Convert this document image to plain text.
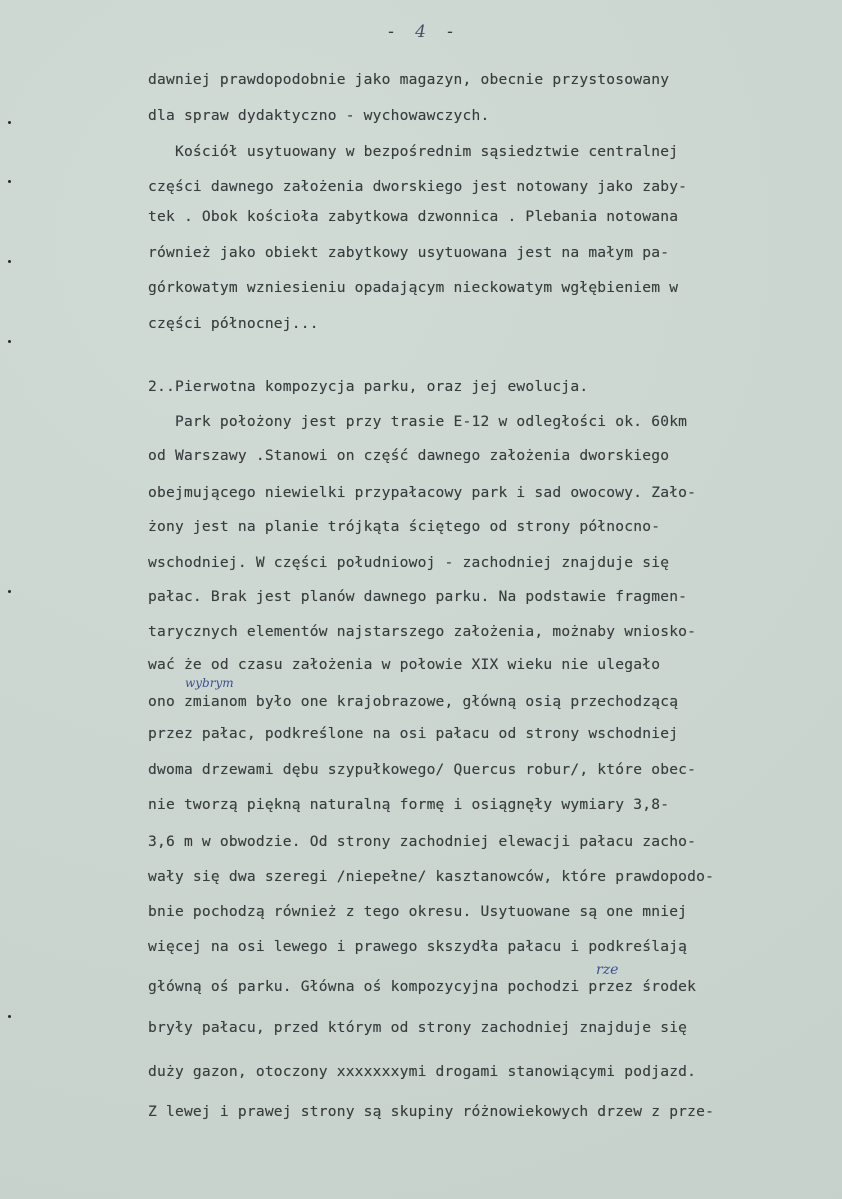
- 4 -
dawniej prawdopodobnie jako magazyn, obecnie przystosowany
dla spraw dydaktyczno - wychowawczych.
Kościół usytuowany w bezpośrednim sąsiedztwie centralnej
części dawnego założenia dworskiego jest notowany jako zaby-
tek . Obok kościoła zabytkowa dzwonnica . Plebania notowana
również jako obiekt zabytkowy usytuowana jest na małym pa-
górkowatym wzniesieniu opadającym nieckowatym wgłębieniem w
części północnej...
2..Pierwotna kompozycja parku, oraz jej ewolucja.
Park położony jest przy trasie E-12 w odległości ok. 60km
od Warszawy .Stanowi on część dawnego założenia dworskiego
obejmującego niewielki przypałacowy park i sad owocowy. Zało-
żony jest na planie trójkąta ściętego od strony północno-
wschodniej. W części południowoj - zachodniej znajduje się
pałac. Brak jest planów dawnego parku. Na podstawie fragmen-
tarycznych elementów najstarszego założenia, możnaby wniosko-
wać że od czasu założenia w połowie XIX wieku nie ulegało
ono zmianom było one krajobrazowe, główną osią przechodzącą
przez pałac, podkreślone na osi pałacu od strony wschodniej
dwoma drzewami dębu szypułkowego/ Quercus robur/, które obec-
nie tworzą piękną naturalną formę i osiągnęły wymiary 3,8-
3,6 m w obwodzie. Od strony zachodniej elewacji pałacu zacho-
wały się dwa szeregi /niepełne/ kasztanowców, które prawdopodo-
bnie pochodzą również z tego okresu. Usytuowane są one mniej
więcej na osi lewego i prawego skszydła pałacu i podkreślają
główną oś parku. Główna oś kompozycyjna pochodzi przez środek
bryły pałacu, przed którym od strony zachodniej znajduje się
duży gazon, otoczony xxxxxxxymi drogami stanowiącymi podjazd.
Z lewej i prawej strony są skupiny różnowiekowych drzew z prze-
wybrym
rze
